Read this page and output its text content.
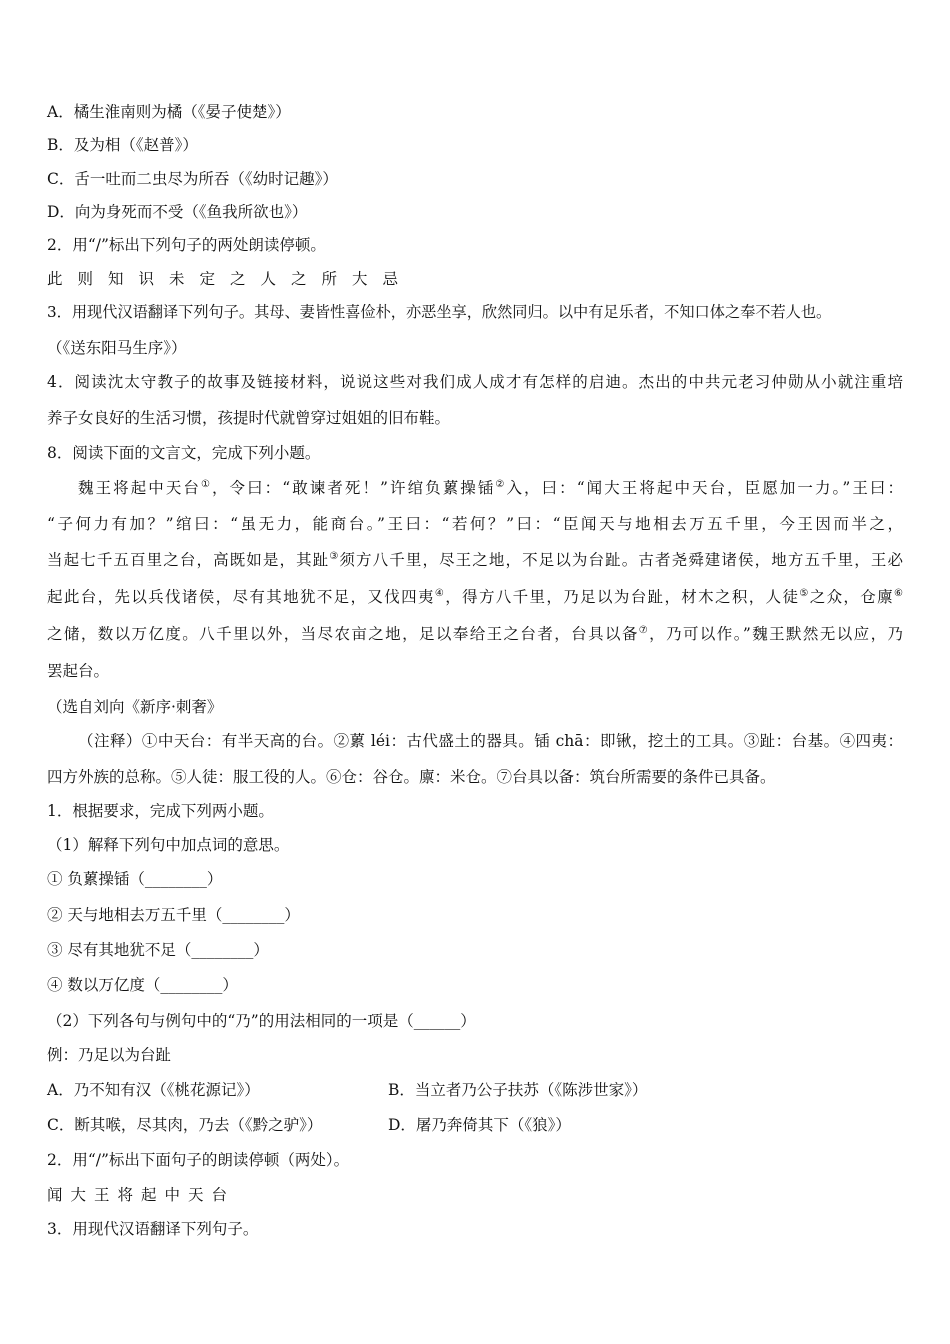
A．橘生淮南则为橘（《晏子使楚》）
B．及为相（《赵普》）
C．舌一吐而二虫尽为所吞（《幼时记趣》）
D．向为身死而不受（《鱼我所欲也》）
2．用“/”标出下列句子的两处朗读停顿。
此则知识未定之人之所大忌
3．用现代汉语翻译下列句子。其母、妻皆性喜俭朴，亦恶坐享，欣然同归。以中有足乐者，不知口体之奉不若人也。
（《送东阳马生序》）
4．阅读沈太守教子的故事及链接材料，说说这些对我们成人成才有怎样的启迪。杰出的中共元老习仲勋从小就注重培
养子女良好的生活习惯，孩提时代就曾穿过姐姐的旧布鞋。
8．阅读下面的文言文，完成下列小题。
魏王将起中天台①，令曰：“敢谏者死！”许绾负蔂操锸②入，曰：“闻大王将起中天台，臣愿加一力。”王曰：
“子何力有加？”绾曰：“虽无力，能商台。”王曰：“若何？”曰：“臣闻天与地相去万五千里，今王因而半之，
当起七千五百里之台，高既如是，其趾③须方八千里，尽王之地，不足以为台趾。古者尧舜建诸侯，地方五千里，王必
起此台，先以兵伐诸侯，尽有其地犹不足，又伐四夷④，得方八千里，乃足以为台趾，材木之积，人徒⑤之众，仓廪⑥
之储，数以万亿度。八千里以外，当尽农亩之地，足以奉给王之台者，台具以备⑦，乃可以作。”魏王默然无以应，乃
罢起台。
（选自刘向《新序·刺奢》
（注释）①中天台：有半天高的台。②蔂 léi：古代盛土的器具。锸 chā：即锹，挖土的工具。③趾：台基。④四夷：
四方外族的总称。⑤人徒：服工役的人。⑥仓：谷仓。廪：米仓。⑦台具以备：筑台所需要的条件已具备。
1．根据要求，完成下列两小题。
（1）解释下列句中加点词的意思。
① 负蔂操锸（________）
② 天与地相去万五千里（________）
③ 尽有其地犹不足（________）
④ 数以万亿度（________）
（2）下列各句与例句中的“乃”的用法相同的一项是（______）
例：乃足以为台趾
A．乃不知有汉（《桃花源记》）	B．当立者乃公子扶苏（《陈涉世家》）
C．断其喉，尽其肉，乃去（《黔之驴》）	D．屠乃奔倚其下（《狼》）
2．用“/”标出下面句子的朗读停顿（两处）。
闻大王将起中天台
3．用现代汉语翻译下列句子。
